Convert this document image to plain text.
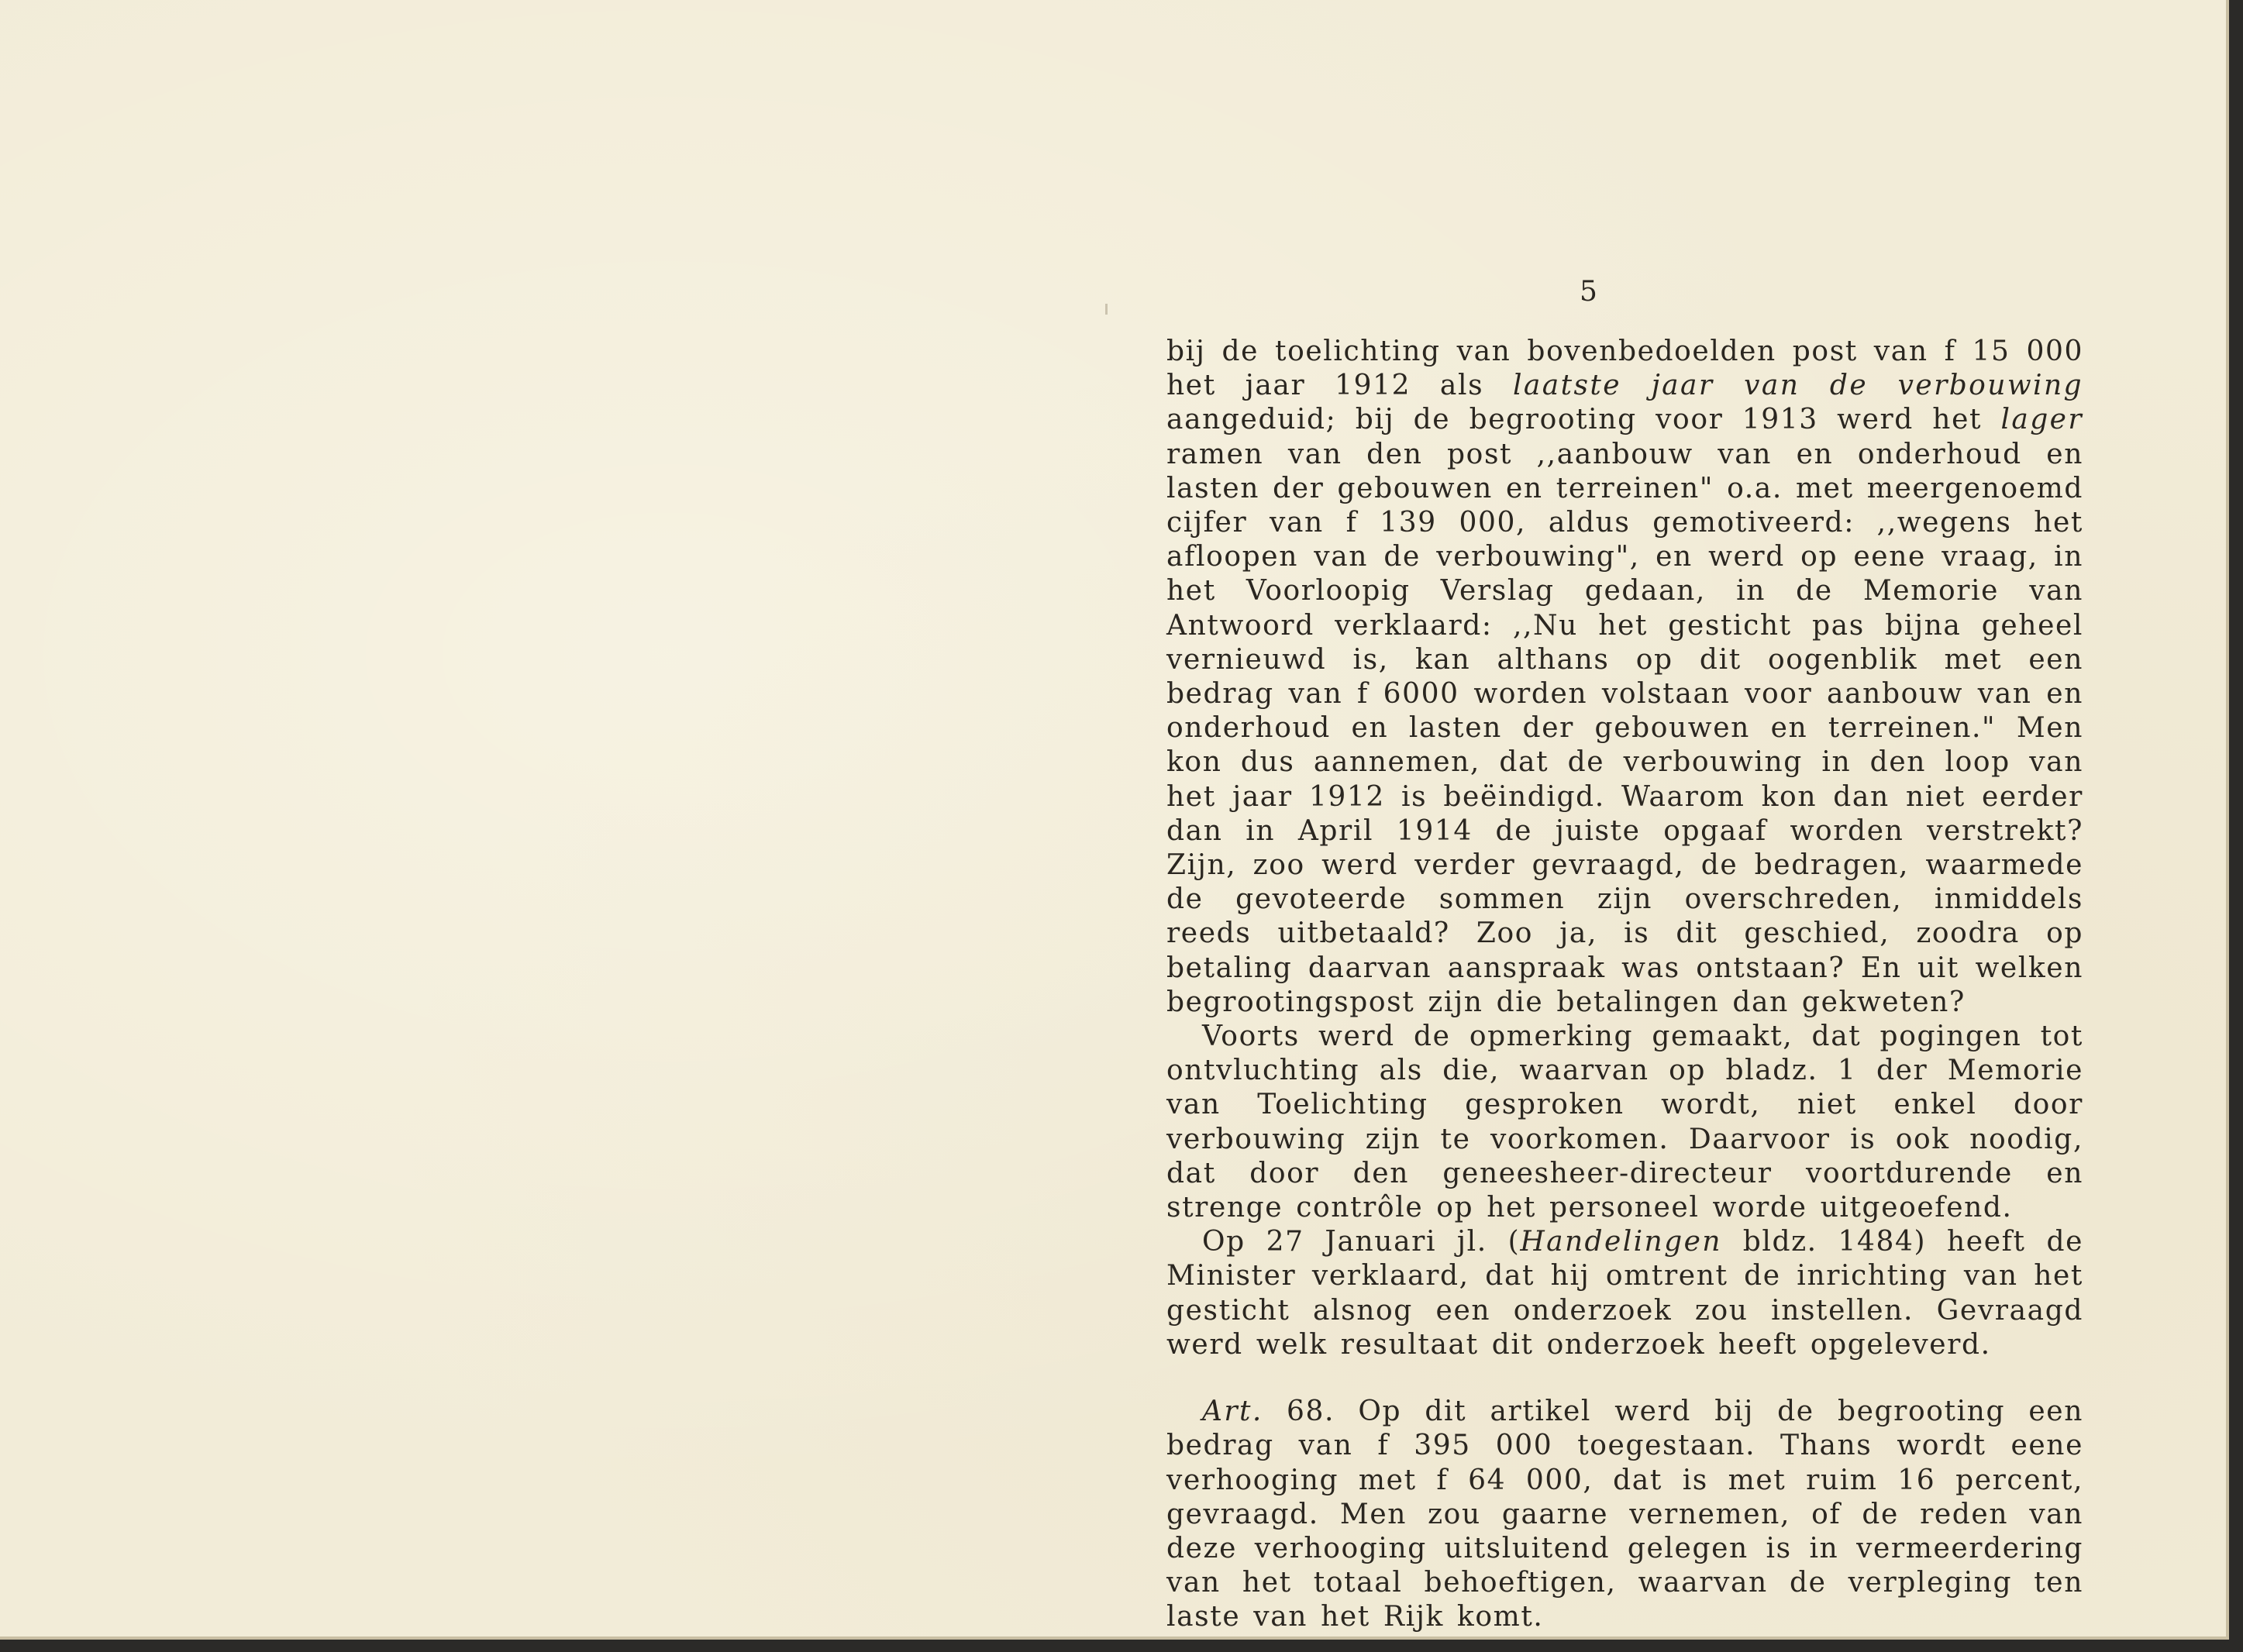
5

bij de toelichting van bovenbedoelden post van f 15 000 het jaar 1912 als laatste jaar van de verbouwing aangeduid; bij de begrooting voor 1913 werd het lager ramen van den post ,,aanbouw van en onderhoud en lasten der gebouwen en terreinen" o.a. met meergenoemd cijfer van f 139 000, aldus gemotiveerd: ,,wegens het afloopen van de verbouwing", en werd op eene vraag, in het Voorloopig Verslag gedaan, in de Memorie van Antwoord verklaard: ,,Nu het gesticht pas bijna geheel vernieuwd is, kan althans op dit oogenblik met een bedrag van f 6000 worden volstaan voor aanbouw van en onderhoud en lasten der gebouwen en terreinen." Men kon dus aannemen, dat de verbouwing in den loop van het jaar 1912 is beëindigd. Waarom kon dan niet eerder dan in April 1914 de juiste opgaaf worden verstrekt? Zijn, zoo werd verder gevraagd, de bedragen, waarmede de gevoteerde sommen zijn overschreden, inmiddels reeds uitbetaald? Zoo ja, is dit geschied, zoodra op betaling daarvan aanspraak was ontstaan? En uit welken begrootingspost zijn die betalingen dan gekweten?

Voorts werd de opmerking gemaakt, dat pogingen tot ontvluchting als die, waarvan op bladz. 1 der Memorie van Toelichting gesproken wordt, niet enkel door verbouwing zijn te voorkomen. Daarvoor is ook noodig, dat door den geneesheer-directeur voortdurende en strenge contrôle op het personeel worde uitgeoefend.

Op 27 Januari jl. (Handelingen bldz. 1484) heeft de Minister verklaard, dat hij omtrent de inrichting van het gesticht alsnog een onderzoek zou instellen. Gevraagd werd welk resultaat dit onderzoek heeft opgeleverd.

Art. 68. Op dit artikel werd bij de begrooting een bedrag van f 395 000 toegestaan. Thans wordt eene verhooging met f 64 000, dat is met ruim 16 percent, gevraagd. Men zou gaarne vernemen, of de reden van deze verhooging uitsluitend gelegen is in vermeerdering van het totaal behoeftigen, waarvan de verpleging ten laste van het Rijk komt.
